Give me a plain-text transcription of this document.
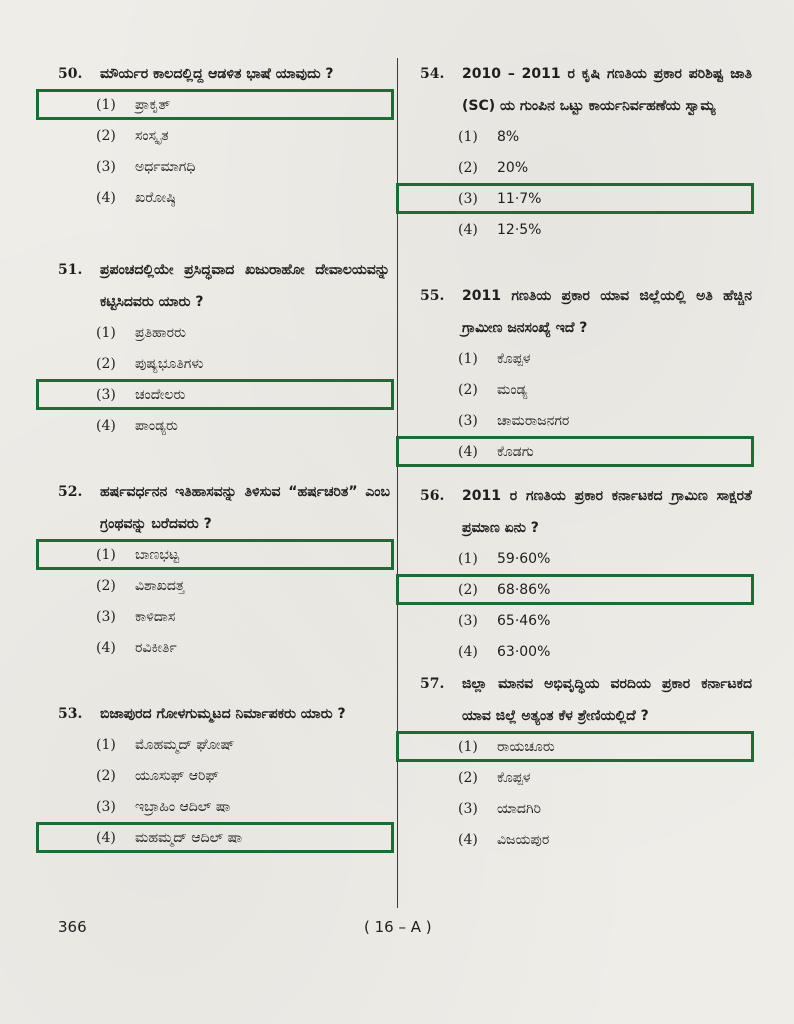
50. ಮೌರ್ಯರ ಕಾಲದಲ್ಲಿದ್ದ ಆಡಳಿತ ಭಾಷೆ ಯಾವುದು ?
(1) ಪ್ರಾಕೃತ್
(2) ಸಂಸ್ಕೃತ
(3) ಅರ್ಧಮಾಗಧಿ
(4) ಖರೋಷ್ಠಿ
51. ಪ್ರಪಂಚದಲ್ಲಿಯೇ ಪ್ರಸಿದ್ಧವಾದ ಖಜುರಾಹೋ ದೇವಾಲಯವನ್ನು ಕಟ್ಟಿಸಿದವರು ಯಾರು ?
(1) ಪ್ರತಿಹಾರರು
(2) ಪುಷ್ಯಭೂತಿಗಳು
(3) ಚಂದೇಲರು
(4) ಪಾಂಡ್ಯರು
52. ಹರ್ಷವರ್ಧನನ ಇತಿಹಾಸವನ್ನು ತಿಳಿಸುವ “ಹರ್ಷಚರಿತ” ಎಂಬ ಗ್ರಂಥವನ್ನು ಬರೆದವರು ?
(1) ಬಾಣಭಟ್ಟ
(2) ವಿಶಾಖದತ್ತ
(3) ಕಾಳಿದಾಸ
(4) ರವಿಕೀರ್ತಿ
53. ಬಿಜಾಪುರದ ಗೋಳಗುಮ್ಮಟದ ನಿರ್ಮಾಪಕರು ಯಾರು ?
(1) ಮೊಹಮ್ಮದ್ ಘೋಷ್
(2) ಯೂಸುಫ್ ಆರಿಫ್
(3) ಇಬ್ರಾಹಿಂ ಆದಿಲ್ ಷಾ
(4) ಮಹಮ್ಮದ್ ಆದಿಲ್ ಷಾ
54. 2010 – 2011 ರ ಕೃಷಿ ಗಣತಿಯ ಪ್ರಕಾರ ಪರಿಶಿಷ್ಟ ಜಾತಿ (SC) ಯ ಗುಂಪಿನ ಒಟ್ಟು ಕಾರ್ಯನಿರ್ವಹಣೆಯ ಸ್ವಾಮ್ಯ
(1) 8%
(2) 20%
(3) 11·7%
(4) 12·5%
55. 2011 ಗಣತಿಯ ಪ್ರಕಾರ ಯಾವ ಜಿಲ್ಲೆಯಲ್ಲಿ ಅತಿ ಹೆಚ್ಚಿನ ಗ್ರಾಮೀಣ ಜನಸಂಖ್ಯೆ ಇದೆ ?
(1) ಕೊಪ್ಪಳ
(2) ಮಂಡ್ಯ
(3) ಚಾಮರಾಜನಗರ
(4) ಕೊಡಗು
56. 2011 ರ ಗಣತಿಯ ಪ್ರಕಾರ ಕರ್ನಾಟಕದ ಗ್ರಾಮಿಣ ಸಾಕ್ಷರತೆ ಪ್ರಮಾಣ ಏನು ?
(1) 59·60%
(2) 68·86%
(3) 65·46%
(4) 63·00%
57. ಜಿಲ್ಲಾ ಮಾನವ ಅಭಿವೃದ್ಧಿಯ ವರದಿಯ ಪ್ರಕಾರ ಕರ್ನಾಟಕದ ಯಾವ ಜಿಲ್ಲೆ ಅತ್ಯಂತ ಕೆಳ ಶ್ರೇಣಿಯಲ್ಲಿದೆ ?
(1) ರಾಯಚೂರು
(2) ಕೊಪ್ಪಳ
(3) ಯಾದಗಿರಿ
(4) ವಿಜಯಪುರ
366	( 16 – A )
